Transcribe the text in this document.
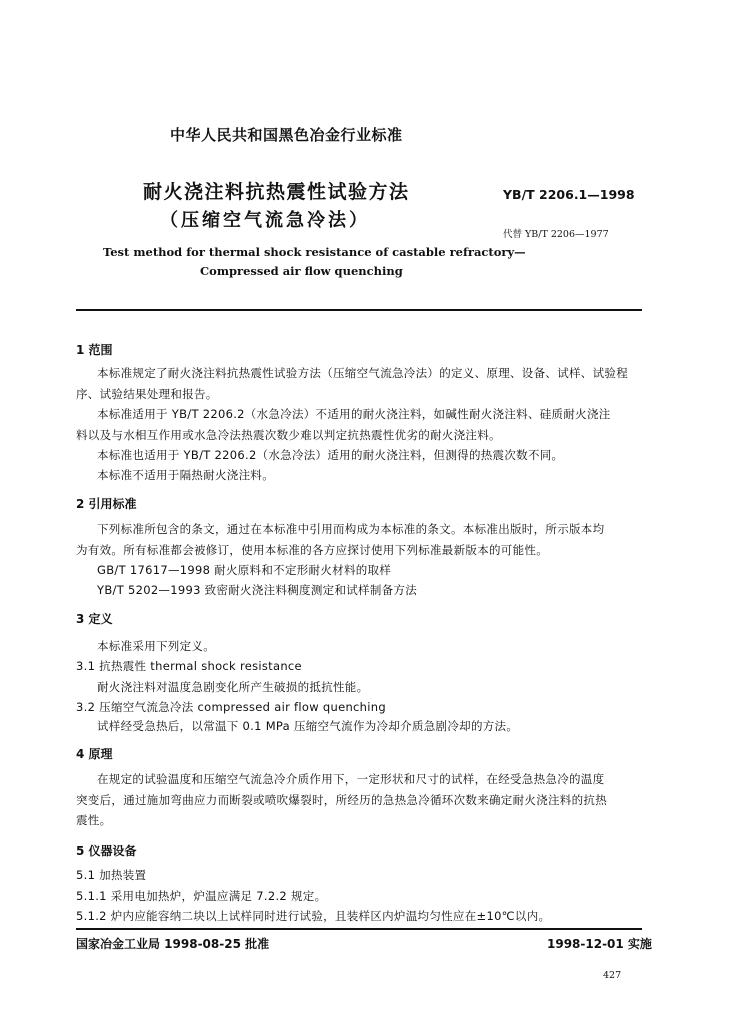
中华人民共和国黑色冶金行业标准
耐火浇注料抗热震性试验方法
（压缩空气流急冷法）
YB/T 2206.1—1998
代替 YB/T 2206—1977
Test method for thermal shock resistance of castable refractory—
Compressed air flow quenching
1 范围
本标准规定了耐火浇注料抗热震性试验方法（压缩空气流急冷法）的定义、原理、设备、试样、试验程
序、试验结果处理和报告。
本标准适用于 YB/T 2206.2（水急冷法）不适用的耐火浇注料，如碱性耐火浇注料、硅质耐火浇注
料以及与水相互作用或水急冷法热震次数少难以判定抗热震性优劣的耐火浇注料。
本标准也适用于 YB/T 2206.2（水急冷法）适用的耐火浇注料，但测得的热震次数不同。
本标准不适用于隔热耐火浇注料。
2 引用标准
下列标准所包含的条文，通过在本标准中引用而构成为本标准的条文。本标准出版时，所示版本均
为有效。所有标准都会被修订，使用本标准的各方应探讨使用下列标准最新版本的可能性。
GB/T 17617—1998 耐火原料和不定形耐火材料的取样
YB/T 5202—1993 致密耐火浇注料稠度测定和试样制备方法
3 定义
本标准采用下列定义。
3.1 抗热震性 thermal shock resistance
耐火浇注料对温度急剧变化所产生破损的抵抗性能。
3.2 压缩空气流急冷法 compressed air flow quenching
试样经受急热后，以常温下 0.1 MPa 压缩空气流作为冷却介质急剧冷却的方法。
4 原理
在规定的试验温度和压缩空气流急冷介质作用下，一定形状和尺寸的试样，在经受急热急冷的温度
突变后，通过施加弯曲应力而断裂或喷吹爆裂时，所经历的急热急冷循环次数来确定耐火浇注料的抗热
震性。
5 仪器设备
5.1 加热装置
5.1.1 采用电加热炉，炉温应满足 7.2.2 规定。
5.1.2 炉内应能容纳二块以上试样同时进行试验，且装样区内炉温均匀性应在±10℃以内。
国家冶金工业局 1998-08-25 批准	1998-12-01 实施
427
